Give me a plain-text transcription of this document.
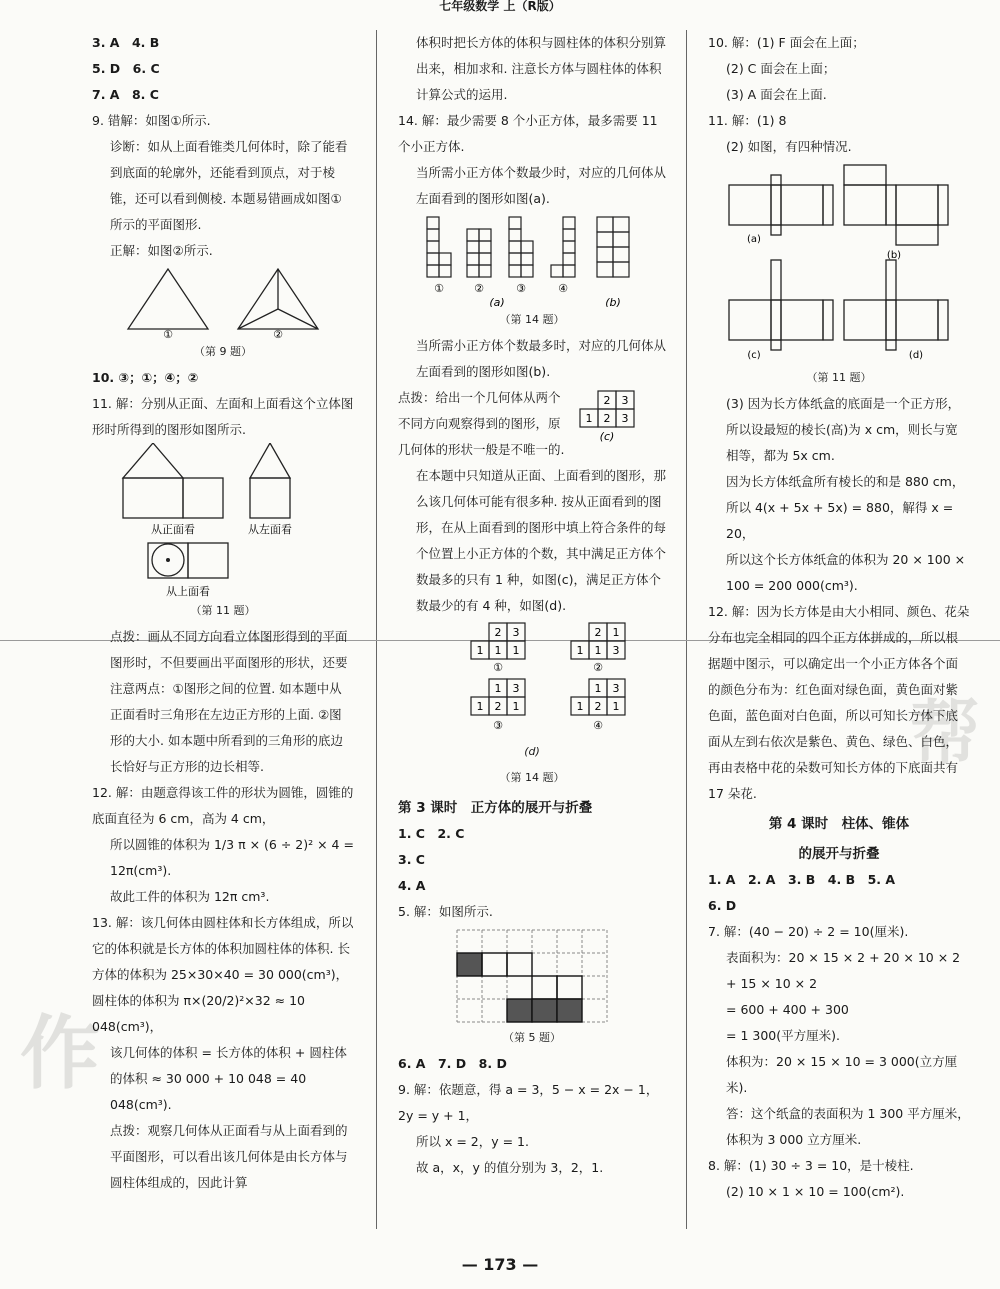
七年级数学 上（R版）

3. A　4. B

5. D　6. C

7. A　8. C

9. 错解：如图①所示.

诊断：如从上面看锥类几何体时，除了能看到底面的轮廓外，还能看到顶点，对于棱锥，还可以看到侧棱. 本题易错画成如图①所示的平面图形.

正解：如图②所示.

①	②

（第 9 题）

10. ③；①；④；②

11. 解：分别从正面、左面和上面看这个立体图形时所得到的图形如图所示.

从正面看	从左面看
从上面看

（第 11 题）

点拨：画从不同方向看立体图形得到的平面图形时，不但要画出平面图形的形状，还要注意两点：①图形之间的位置. 如本题中从正面看时三角形在左边正方形的上面. ②图形的大小. 如本题中所看到的三角形的底边长恰好与正方形的边长相等.

12. 解：由题意得该工件的形状为圆锥，圆锥的底面直径为 6 cm，高为 4 cm，

所以圆锥的体积为 1/3 π × (6 ÷ 2)² × 4 = 12π(cm³).

故此工件的体积为 12π cm³.

13. 解：该几何体由圆柱体和长方体组成，所以它的体积就是长方体的体积加圆柱体的体积. 长方体的体积为 25×30×40 = 30 000(cm³)，圆柱体的体积为 π×(20/2)²×32 ≈ 10 048(cm³)，

该几何体的体积 = 长方体的体积 + 圆柱体的体积 ≈ 30 000 + 10 048 = 40 048(cm³).

点拨：观察几何体从正面看与从上面看到的平面图形，可以看出该几何体是由长方体与圆柱体组成的，因此计算

体积时把长方体的体积与圆柱体的体积分别算出来，相加求和. 注意长方体与圆柱体的体积计算公式的运用.

14. 解：最少需要 8 个小正方体，最多需要 11 个小正方体.

当所需小正方体个数最少时，对应的几何体从左面看到的图形如图(a).

①	②	③	④
(a)	(b)

（第 14 题）

当所需小正方体个数最多时，对应的几何体从左面看到的图形如图(b).

点拨：给出一个几何体从两个不同方向观察得到的图形，原几何体的形状一般是不唯一的.

2 3
1 2 3
(c)

在本题中只知道从正面、上面看到的图形，那么该几何体可能有很多种. 按从正面看到的图形，在从上面看到的图形中填上符合条件的每个位置上小正方体的个数，其中满足正方体个数最多的只有 1 种，如图(c)，满足正方体个数最少的有 4 种，如图(d).

2 3
1 1 1
2 1
1 1 3
1 3
1 2 1
1 3
1 2 1
①	②
③	④

(d)

（第 14 题）

第 3 课时　正方体的展开与折叠

1. C　2. C

3. C

4. A

5. 解：如图所示.

（第 5 题）

6. A　7. D　8. D

9. 解：依题意，得 a = 3，5 − x = 2x − 1，2y = y + 1，

所以 x = 2，y = 1.

故 a，x，y 的值分别为 3，2，1.

10. 解：(1) F 面会在上面；

(2) C 面会在上面；

(3) A 面会在上面.

11. 解：(1) 8

(2) 如图，有四种情况.

(a)
(b)
(c)	(d)

（第 11 题）

(3) 因为长方体纸盒的底面是一个正方形，

所以设最短的棱长(高)为 x cm，则长与宽相等，都为 5x cm.

因为长方体纸盒所有棱长的和是 880 cm，

所以 4(x + 5x + 5x) = 880，解得 x = 20，

所以这个长方体纸盒的体积为 20 × 100 × 100 = 200 000(cm³).

12. 解：因为长方体是由大小相同、颜色、花朵分布也完全相同的四个正方体拼成的，所以根据题中图示，可以确定出一个小正方体各个面的颜色分布为：红色面对绿色面，黄色面对紫色面，蓝色面对白色面，所以可知长方体下底面从左到右依次是紫色、黄色、绿色、白色，再由表格中花的朵数可知长方体的下底面共有 17 朵花.

第 4 课时　柱体、锥体

的展开与折叠

1. A　2. A　3. B　4. B　5. A

6. D

7. 解：(40 − 20) ÷ 2 = 10(厘米).

表面积为：20 × 15 × 2 + 20 × 10 × 2 + 15 × 10 × 2

= 600 + 400 + 300

= 1 300(平方厘米).

体积为：20 × 15 × 10 = 3 000(立方厘米).

答：这个纸盒的表面积为 1 300 平方厘米，体积为 3 000 立方厘米.

8. 解：(1) 30 ÷ 3 = 10，是十棱柱.

(2) 10 × 1 × 10 = 100(cm²).

— 173 —
作
帮
